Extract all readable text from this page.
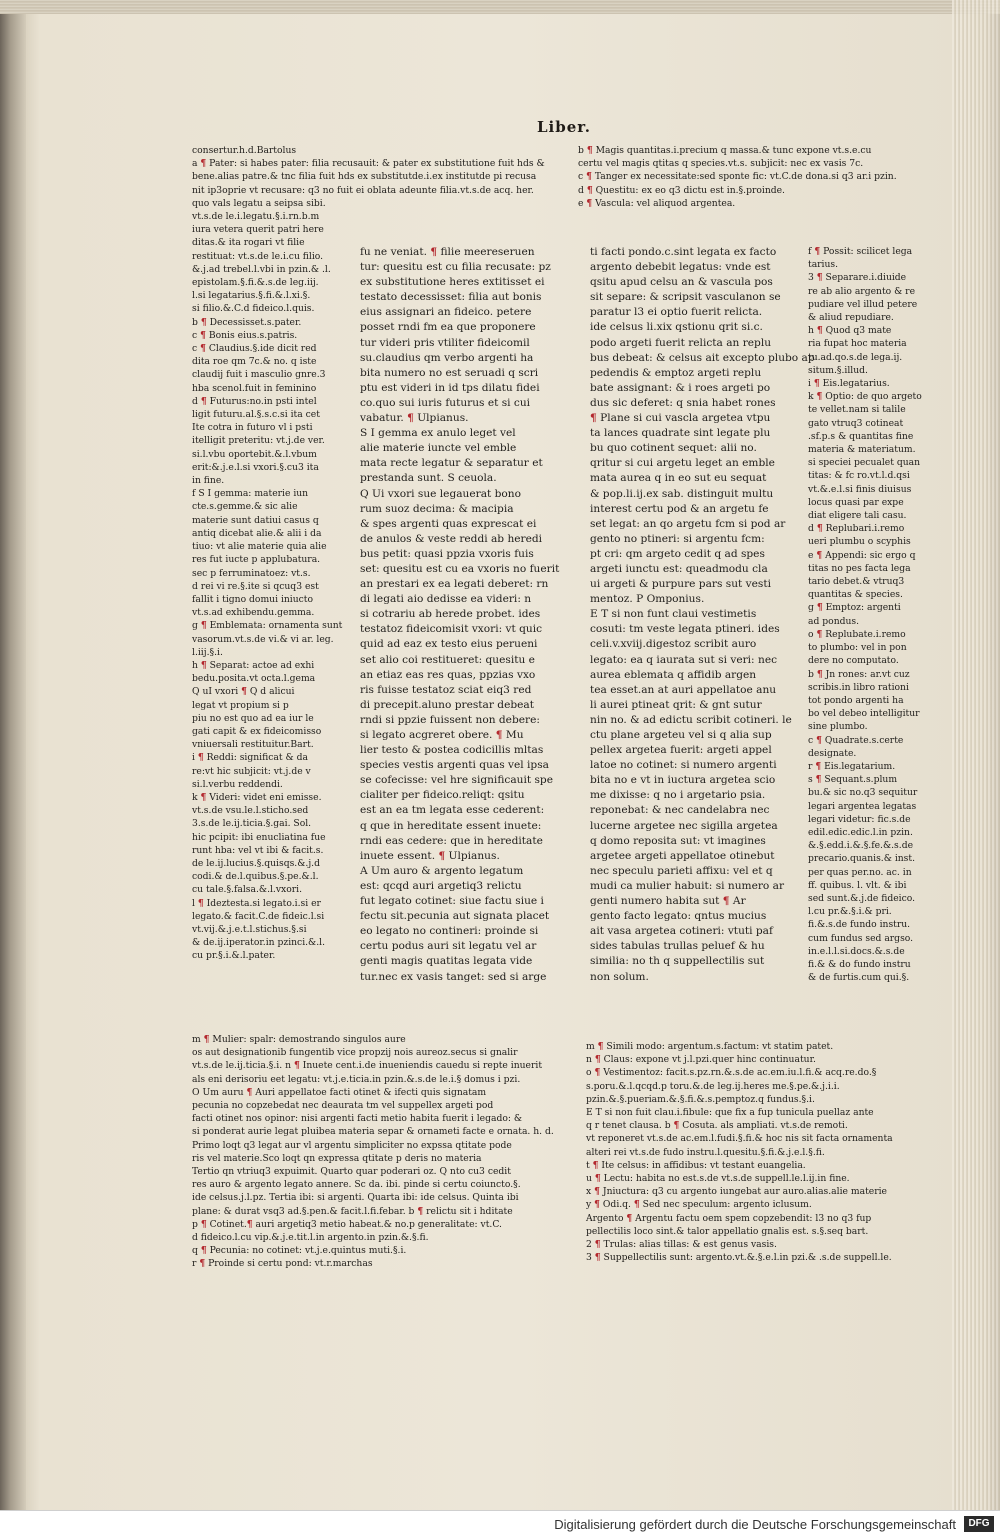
Liber.
consertur.h.d.Bartolus
a ¶ Pater: si habes pater: filia recusauit: & pater ex substitutione fuit hds &
bene.alias patre.& tnc filia fuit hds ex substitutde.i.ex institutde pi recusa
nit ip3oprie vt recusare: q3 no fuit ei oblata adeunte filia.vt.s.de acq. her.
quo vals legatu a seipsa sibi.
vt.s.de le.i.legatu.§.i.rn.b.m
iura vetera querit patri here
ditas.& ita rogari vt filie
restituat: vt.s.de le.i.cu filio.
&.j.ad trebel.l.vbi in pzin.& .l.
epistolam.§.fi.&.s.de leg.iij.
l.si legatarius.§.fi.&.l.xi.§.
si filio.&.C.d fideico.l.quis.
b ¶ Decessisset.s.pater.
c ¶ Bonis eius.s.patris.
c ¶ Claudius.§.ide dicit red
dita roe qm 7c.& no. q iste
claudij fuit i masculio gnre.3
hba scenol.fuit in feminino
d ¶ Futurus:no.in psti intel
ligit futuru.al.§.s.c.si ita cet
Ite cotra in futuro vl i psti
itelligit preteritu: vt.j.de ver.
si.l.vbu oportebit.&.l.vbum
erit:&.j.e.l.si vxori.§.cu3 ita
in fine.
f S I gemma: materie iun
cte.s.gemme.& sic alie
materie sunt datiui casus q
antiq dicebat alie.& alii i da
tiuo: vt alie materie quia alie
res fut iucte p applubatura.
sec p ferruminatoez: vt.s.
d rei vi re.§.ite si qcuq3 est
fallit i tigno domui iniucto
vt.s.ad exhibendu.gemma.
g ¶ Emblemata: ornamenta sunt
vasorum.vt.s.de vi.& vi ar. leg.
l.iij.§.i.
h ¶ Separat: actoe ad exhi
bedu.posita.vt octa.l.gema
Q uI vxori ¶ Q d alicui
legat vt propium si p
piu no est quo ad ea iur le
gati capit & ex fideicomisso
vniuersali restituitur.Bart.
i ¶ Reddi: significat & da
re:vt hic subjicit: vt.j.de v
si.l.verbu reddendi.
k ¶ Videri: videt eni emisse.
vt.s.de vsu.le.l.sticho.sed
3.s.de le.ij.ticia.§.gai. Sol.
hic pcipit: ibi enucliatina fue
runt hba: vel vt ibi & facit.s.
de le.ij.lucius.§.quisqs.&.j.d
codi.& de.l.quibus.§.pe.&.l.
cu tale.§.falsa.&.l.vxori.
l ¶ Ideztesta.si legato.i.si er
legato.& facit.C.de fideic.l.si
vt.vij.&.j.e.t.l.stichus.§.si
& de.ij.iperator.in pzinci.&.l.
cu pr.§.i.&.l.pater.
b ¶ Magis quantitas.i.precium q massa.& tunc expone vt.s.e.cu
certu vel magis qtitas q species.vt.s. subjicit: nec ex vasis 7c.
c ¶ Tanger ex necessitate:sed sponte fic: vt.C.de dona.si q3 ar.i pzin.
d ¶ Questitu: ex eo q3 dictu est in.§.proinde.
e ¶ Vascula: vel aliquod argentea.
fu ne veniat. ¶ filie meereseruen
tur: quesitu est cu filia recusate: pz
ex substitutione heres extitisset ei
testato decessisset: filia aut bonis
eius assignari an fideico. petere
posset rndi fm ea que proponere
tur videri pris vtiliter fideicomil
su.claudius qm verbo argenti ha
bita numero no est seruadi q scri
ptu est videri in id tps dilatu fidei
co.quo sui iuris futurus et si cui
vabatur. ¶ Ulpianus.
S I gemma ex anulo leget vel
alie materie iuncte vel emble
mata recte legatur & separatur et
prestanda sunt. S ceuola.
Q Ui vxori sue legauerat bono
rum suoz decima: & macipia
& spes argenti quas exprescat ei
de anulos & veste reddi ab heredi
bus petit: quasi ppzia vxoris fuis
set: quesitu est cu ea vxoris no fuerit
an prestari ex ea legati deberet: rn
di legati aio dedisse ea videri: n
si cotrariu ab herede probet. ides
testatoz fideicomisit vxori: vt quic
quid ad eaz ex testo eius perueni
set alio coi restitueret: quesitu e
an etiaz eas res quas, ppzias vxo
ris fuisse testatoz sciat eiq3 red
di precepit.aluno prestar debeat
rndi si ppzie fuissent non debere:
si legato acgreret obere. ¶ Mu
lier testo & postea codicillis mltas
species vestis argenti quas vel ipsa
se cofecisse: vel hre significauit spe
cialiter per fideico.reliqt: qsitu
est an ea tm legata esse cederent:
q que in hereditate essent inuete:
rndi eas cedere: que in hereditate
inuete essent. ¶ Ulpianus.
A Um auro & argento legatum
est: qcqd auri argetiq3 relictu
fut legato cotinet: siue factu siue i
fectu sit.pecunia aut signata placet
eo legato no contineri: proinde si
certu podus auri sit legatu vel ar
genti magis quatitas legata vide
tur.nec ex vasis tanget: sed si arge
ti facti pondo.c.sint legata ex facto
argento debebit legatus: vnde est
qsitu apud celsu an & vascula pos
sit separe: & scripsit vasculanon se
paratur l3 ei optio fuerit relicta.
ide celsus li.xix qstionu qrit si.c.
podo argeti fuerit relicta an replu
bus debeat: & celsus ait excepto plubo ap
pedendis & emptoz argeti replu
bate assignant: & i roes argeti po
dus sic deferet: q snia habet rones
¶ Plane si cui vascla argetea vtpu
ta lances quadrate sint legate plu
bu quo cotinent sequet: alii no.
qritur si cui argetu leget an emble
mata aurea q in eo sut eu sequat
& pop.li.ij.ex sab. distinguit multu
interest certu pod & an argetu fe
set legat: an qo argetu fcm si pod ar
gento no ptineri: si argentu fcm:
pt cri: qm argeto cedit q ad spes
argeti iunctu est: queadmodu cla
ui argeti & purpure pars sut vesti
mentoz. P Omponius.
E T si non funt claui vestimetis
cosuti: tm veste legata ptineri. ides
celi.v.xviij.digestoz scribit auro
legato: ea q iaurata sut si veri: nec
aurea eblemata q affidib argen
tea esset.an at auri appellatoe anu
li aurei ptineat qrit: & gnt sutur
nin no. & ad edictu scribit cotineri. le
ctu plane argeteu vel si q alia sup
pellex argetea fuerit: argeti appel
latoe no cotinet: si numero argenti
bita no e vt in iuctura argetea scio
me dixisse: q no i argetario psia.
reponebat: & nec candelabra nec
lucerne argetee nec sigilla argetea
q domo reposita sut: vt imagines
argetee argeti appellatoe otinebut
nec speculu parieti affixu: vel et q
mudi ca mulier habuit: si numero ar
genti numero habita sut ¶ Ar
gento facto legato: qntus mucius
ait vasa argetea cotineri: vtuti paf
sides tabulas trullas peluef & hu
similia: no th q suppellectilis sut
non solum.
f ¶ Possit: scilicet lega
tarius.
3 ¶ Separare.i.diuide
re ab alio argento & re
pudiare vel illud petere
& aliud repudiare.
h ¶ Quod q3 mate
ria fupat hoc materia
tu.ad.qo.s.de lega.ij.
situm.§.illud.
i ¶ Eis.legatarius.
k ¶ Optio: de quo argeto
te vellet.nam si talile
gato vtruq3 cotineat
.sf.p.s & quantitas fine
materia & materiatum.
si speciei pecualet quan
titas: & fc ro.vt.l.d.qsi
vt.&.e.l.si finis diuisus
locus quasi par expe
diat eligere tali casu.
d ¶ Replubari.i.remo
ueri plumbu o scyphis
e ¶ Appendi: sic ergo q
titas no pes facta lega
tario debet.& vtruq3
quantitas & species.
g ¶ Emptoz: argenti
ad pondus.
o ¶ Replubate.i.remo
to plumbo: vel in pon
dere no computato.
b ¶ Jn rones: ar.vt cuz
scribis.in libro rationi
tot pondo argenti ha
bo vel debeo intelligitur
sine plumbo.
c ¶ Quadrate.s.certe
designate.
r ¶ Eis.legatarium.
s ¶ Sequant.s.plum
bu.& sic no.q3 sequitur
legari argentea legatas
legari videtur: fic.s.de
edil.edic.edic.l.in pzin.
&.§.edd.i.&.§.fe.&.s.de
precario.quanis.& inst.
per quas per.no. ac. in
ff. quibus. l. vlt. & ibi
sed sunt.&.j.de fideico.
l.cu pr.&.§.i.& pri.
fi.&.s.de fundo instru.
cum fundus sed argso.
in.e.l.l.si.docs.&.s.de
fi.& & do fundo instru
& de furtis.cum qui.§.
m ¶ Mulier: spalr: demostrando singulos aure
os aut designationib fungentib vice propzij nois aureoz.secus si gnalir
vt.s.de le.ij.ticia.§.i. n ¶ Inuete cent.i.de inueniendis cauedu si repte inuerit
als eni derisoriu eet legatu: vt.j.e.ticia.in pzin.&.s.de le.i.§ domus i pzi.
O Um auru ¶ Auri appellatoe facti otinet & ifecti quis signatam
pecunia no copzebedat nec deaurata tm vel suppellex argeti pod
facti otinet nos opinor: nisi argenti facti metio habita fuerit i legado: &
si ponderat aurie legat pluibea materia separ & ornameti facte e ornata. h. d.
Primo loqt q3 legat aur vl argentu simpliciter no expssa qtitate pode
ris vel materie.Sco loqt qn expressa qtitate p deris no materia
Tertio qn vtriuq3 expuimit. Quarto quar poderari oz. Q nto cu3 cedit
res auro & argento legato annere. Sc da. ibi. pinde si certu coiuncto.§.
ide celsus.j.l.pz. Tertia ibi: si argenti. Quarta ibi: ide celsus. Quinta ibi
plane: & durat vsq3 ad.§.pen.& facit.l.fi.febar. b ¶ relictu sit i hditate
p ¶ Cotinet.¶ auri argetiq3 metio habeat.& no.p generalitate: vt.C.
d fideico.l.cu vip.&.j.e.tit.l.in argento.in pzin.&.§.fi.
q ¶ Pecunia: no cotinet: vt.j.e.quintus muti.§.i.
r ¶ Proinde si certu pond: vt.r.marchas
m ¶ Simili modo: argentum.s.factum: vt statim patet.
n ¶ Claus: expone vt j.l.pzi.quer hinc continuatur.
o ¶ Vestimentoz: facit.s.pz.rn.&.s.de ac.em.iu.l.fi.& acq.re.do.§
s.poru.&.l.qcqd.p toru.&.de leg.ij.heres me.§.pe.&.j.i.i.
pzin.&.§.pueriam.&.§.fi.&.s.pemptoz.q fundus.§.i.
E T si non fuit clau.i.fibule: que fix a fup tunicula puellaz ante
q r tenet clausa. b ¶ Cosuta. als ampliati. vt.s.de remoti.
vt reponeret vt.s.de ac.em.l.fudi.§.fi.& hoc nis sit facta ornamenta
alteri rei vt.s.de fudo instru.l.quesitu.§.fi.&.j.e.l.§.fi.
t ¶ Ite celsus: in affidibus: vt testant euangelia.
u ¶ Lectu: habita no est.s.de vt.s.de suppell.le.l.ij.in fine.
x ¶ Jniuctura: q3 cu argento iungebat aur auro.alias.alie materie
y ¶ Odi.q. ¶ Sed nec speculum: argento iclusum.
Argento ¶ Argentu factu oem spem copzebendit: l3 no q3 fup
pellectilis loco sint.& talor appellatio gnalis est. s.§.seq bart.
2 ¶ Trulas: alias tillas: & est genus vasis.
3 ¶ Suppellectilis sunt: argento.vt.&.§.e.l.in pzi.& .s.de suppell.le.
Digitalisierung gefördert durch die Deutsche Forschungsgemeinschaft	DFG
